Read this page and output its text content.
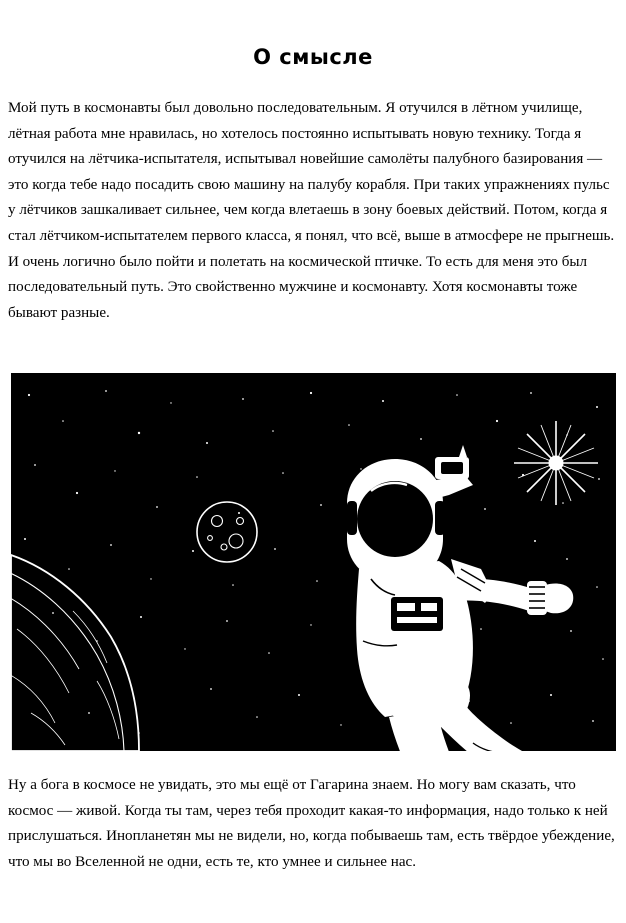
О смысле

Мой путь в космонавты был довольно последовательным. Я отучился в лётном училище, лётная работа мне нравилась, но хотелось постоянно испытывать новую технику. Тогда я отучился на лётчика-испытателя, испытывал новейшие самолёты палубного базирования — это когда тебе надо посадить свою машину на палубу корабля. При таких упражнениях пульс у лётчиков зашкаливает сильнее, чем когда влетаешь в зону боевых действий. Потом, когда я стал лётчиком-испытателем первого класса, я понял, что всё, выше в атмосфере не прыгнешь. И очень логично было пойти и полетать на космической птичке. То есть для меня это был последовательный путь. Это свойственно мужчине и космонавту. Хотя космонавты тоже бывают разные.

Ну а бога в космосе не увидать, это мы ещё от Гагарина знаем. Но могу вам сказать, что космос — живой. Когда ты там, через тебя проходит какая-то информация, надо только к ней прислушаться. Инопланетян мы не видели, но, когда побываешь там, есть твёрдое убеждение, что мы во Вселенной не одни, есть те, кто умнее и сильнее нас.
